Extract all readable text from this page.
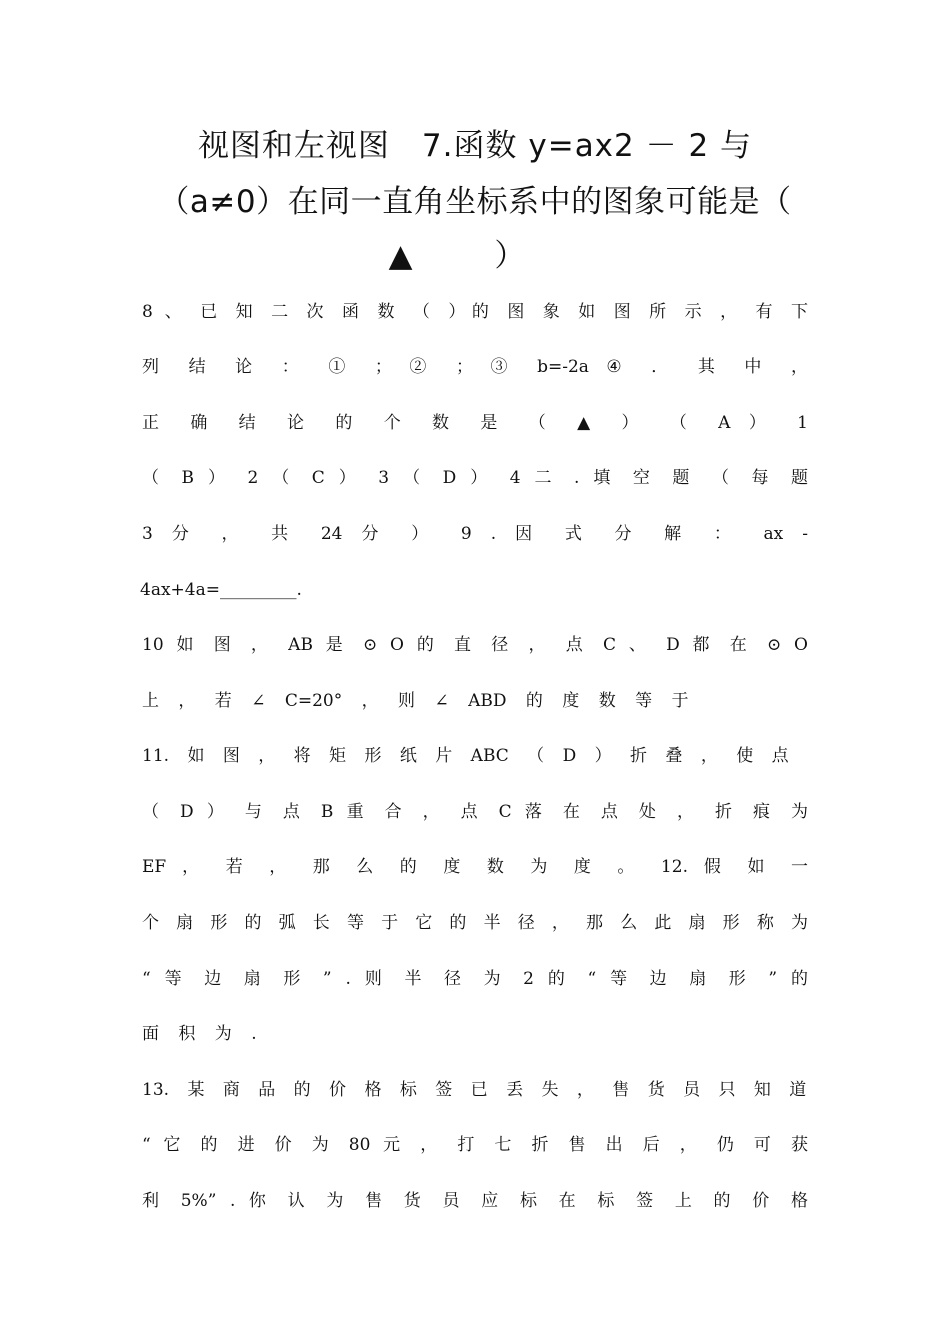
视图和左视图　7.函数 y=ax2 － 2 与
（a≠0）在同一直角坐标系中的图象可能是（
▲ ）
8 、 已 知 二 次 函 数 （ ）的 图 象 如 图 所 示 ， 有 下
列 结 论 ： ① ； ② ； ③ b=-2a ④ ． 其 中 ，
正 确 结 论 的 个 数 是 （ ▲ ） （ A ） 1
（ B ） 2 （ C ） 3 （ D ） 4 二 . 填 空 题 （ 每 题
3 分 ， 共 24 分 ） 9 . 因 式 分 解 ： ax -
4ax+4a=_________.
10 如 图 ， AB 是 ⊙ O 的 直 径 ， 点 C 、 D 都 在 ⊙ O
上 ， 若 ∠ C=20° ， 则 ∠ ABD 的 度 数 等 于
11. 如 图 ， 将 矩 形 纸 片 ABC （ D ） 折 叠 ， 使 点
（ D ） 与 点 B 重 合 ， 点 C 落 在 点 处 ， 折 痕 为
EF ， 若 ， 那 么 的 度 数 为 度 。 12. 假 如 一
个 扇 形 的 弧 长 等 于 它 的 半 径 ， 那 么 此 扇 形 称 为
“ 等 边 扇 形 ” . 则 半 径 为 2 的 “ 等 边 扇 形 ” 的
面 积 为 .
13. 某 商 品 的 价 格 标 签 已 丢 失 ， 售 货 员 只 知 道
“ 它 的 进 价 为 80 元 ， 打 七 折 售 出 后 ， 仍 可 获
利 5%” . 你 认 为 售 货 员 应 标 在 标 签 上 的 价 格
